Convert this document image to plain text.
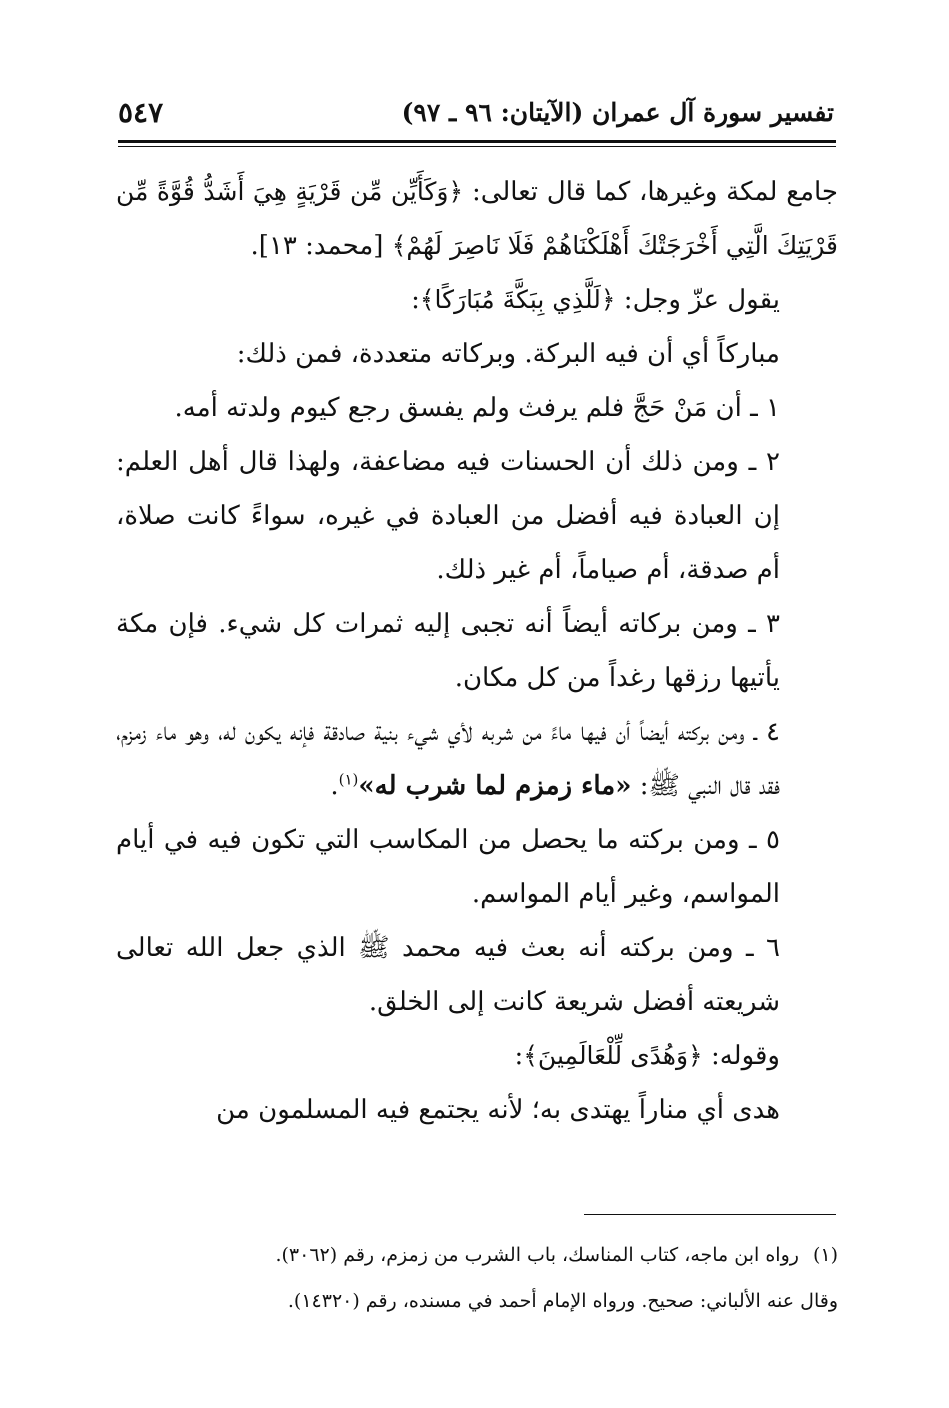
تفسير سورة آل عمران (الآيتان: ٩٦ ـ ٩٧)
٥٤٧

جامع لمكة وغيرها، كما قال تعالى: ﴿وَكَأَيِّن مِّن قَرْيَةٍ هِيَ أَشَدُّ قُوَّةً مِّن قَرْيَتِكَ الَّتِي أَخْرَجَتْكَ أَهْلَكْنَاهُمْ فَلَا نَاصِرَ لَهُمْ﴾ [محمد: ١٣].

يقول عزّ وجل: ﴿لَلَّذِي بِبَكَّةَ مُبَارَكًا﴾:

مباركاً أي أن فيه البركة. وبركاته متعددة، فمن ذلك:

١ ـ أن مَنْ حَجَّ فلم يرفث ولم يفسق رجع كيوم ولدته أمه.

٢ ـ ومن ذلك أن الحسنات فيه مضاعفة، ولهذا قال أهل العلم: إن العبادة فيه أفضل من العبادة في غيره، سواءً كانت صلاة، أم صدقة، أم صياماً، أم غير ذلك.

٣ ـ ومن بركاته أيضاً أنه تجبى إليه ثمرات كل شيء. فإن مكة يأتيها رزقها رغداً من كل مكان.

٤ ـ ومن بركته أيضاً أن فيها ماءً من شربه لأي شيء بنية صادقة فإنه يكون له، وهو ماء زمزم، فقد قال النبي ﷺ: «ماء زمزم لما شرب له»$^{(١)}$.

٥ ـ ومن بركته ما يحصل من المكاسب التي تكون فيه في أيام المواسم، وغير أيام المواسم.

٦ ـ ومن بركته أنه بعث فيه محمد ﷺ الذي جعل الله تعالى شريعته أفضل شريعة كانت إلى الخلق.

وقوله: ﴿وَهُدًى لِّلْعَالَمِينَ﴾:

هدى أي مناراً يهتدى به؛ لأنه يجتمع فيه المسلمون من

(١)رواه ابن ماجه، كتاب المناسك، باب الشرب من زمزم، رقم (٣٠٦٢).

وقال عنه الألباني: صحيح. ورواه الإمام أحمد في مسنده، رقم (١٤٣٢٠).
